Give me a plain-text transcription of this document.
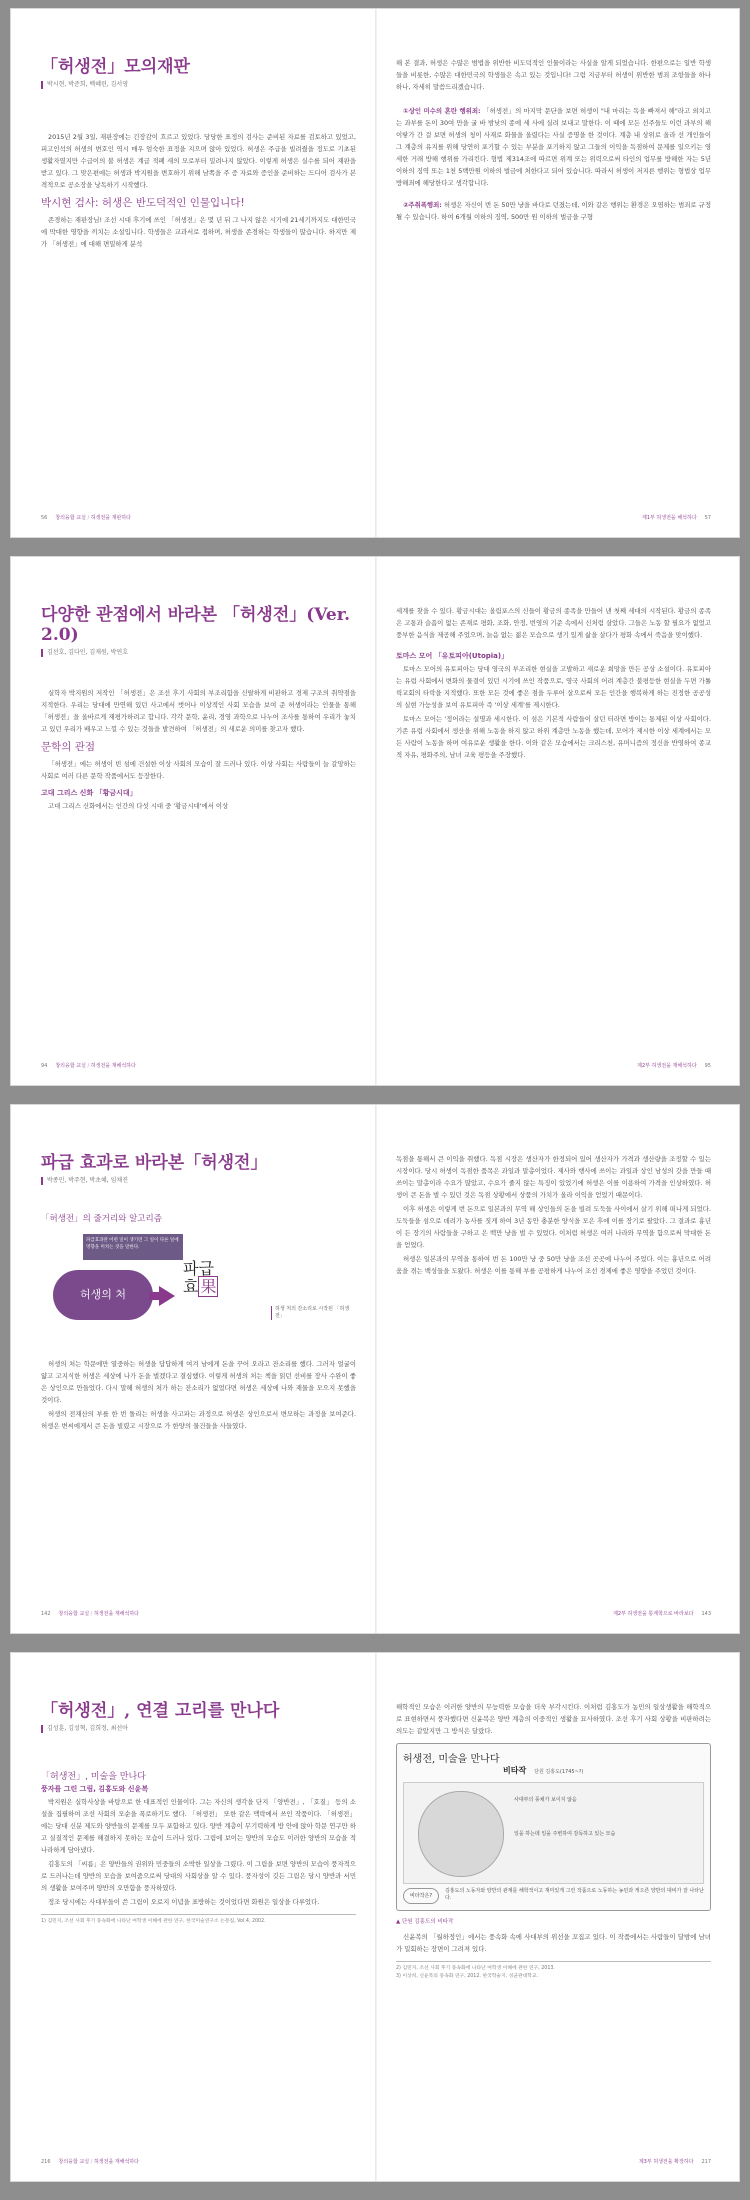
「허생전」모의재판
박시현, 박준희, 백혜린, 김서영

2015년 2월 3일, 재판장에는 긴장감이 흐르고 있었다. 당당한 표정의 검사는 준비된 자료를 검토하고 있었고, 피고인석의 허생의 변호인 역시 매우 엄숙한 표정을 지으며 앉아 있었다. 허생은 주급을 빌려줬을 정도로 기초된 생활자였지만 수급이의 불 허생은 계급 적폐 새의 모로부터 밀려나지 않았다. 이렇게 허생은 실수를 되어 재판을 받고 있다. 그 맞은편에는 허생과 박지원을 변호하기 위해 남쪽을 주 증 자료와 증인을 준비하는 드디어 검사가 본격적으로 공소장을 낭독하기 시작했다.

박시현 검사: 허생은 반도덕적인 인물입니다!

존경하는 재판장님! 조선 시대 후기에 쓰인 「허생전」은 몇 년 뒤 그 나지 않은 시기에 21세기까지도 대한민국에 막대한 영향을 끼치는 소설입니다. 학생들은 교과서로 접하며, 허생을 존경하는 학생들이 많습니다. 하지만 제가 「허생전」에 대해 면밀하게 분석

해 본 결과, 허생은 수많은 범법을 위반한 비도덕적인 인물이라는 사실을 알게 되었습니다. 한편으로는 일반 학생들을 비롯한, 수많은 대한민국의 학생들은 속고 있는 것입니다! 그럼 지금부터 허생이 위반한 범죄 조항들을 하나하나, 자세히 말씀드리겠습니다.

①상인 미수의 혼란 행위죄: 「허생전」의 마지막 문단을 보면 허생이 "내 마리는 독을 빠져서 해"라고 외치고는 과부를 돈이 30여 만을 굴 바 밤낮의 종에 세 사에 실려 보내고 말한다. 이 때에 모든 선주들도 이런 과부의 해 이랗가 간 걸 보면 허생의 청이 사재로 화물을 올렸다는 사실 증명을 한 것이다. 계층 내 상위로 올라 선 개인들이 그 계층의 유지를 위해 당연히 포기할 수 있는 부분을 포기하지 않고 그들의 이익을 독점하여 문제를 일으키는 영세한 거래 방해 행위를 가리킨다. 형법 제314조에 따르면 위계 또는 위력으로써 타인의 업무를 방해한 자는 5년 이하의 징역 또는 1천 5백만원 이하의 벌금에 처한다고 되어 있습니다. 따라서 허생이 저지른 행위는 형법상 업무방해죄에 해당한다고 생각합니다.

②주취폭행죄: 허생은 자신이 번 돈 50만 냥을 바다로 던졌는데, 이와 같은 행위는 환경은 오염하는 범죄로 규정 될 수 있습니다. 하여 6개월 이하의 징역, 500만 원 이하의 벌금을 구형

56 창의융합 교실 / 허생전을 재판하다	제1부 허생전을 해석하다 57
다양한 관점에서 바라본 「허생전」(Ver. 2.0)
김선호, 김다인, 김재원, 박연호

실학자 박지원의 저작인 「허생전」은 조선 후기 사회의 부조리함을 신랄하게 비판하고 경제 구조의 취약점을 지적한다. 우리는 당대에 만연해 있던 사고에서 벗어나 이상적인 사회 모습을 보여 준 허생이라는 인물을 통해 「허생전」을 올바르게 재평가하려고 합니다. 각각 문학, 윤리, 경영 과학으로 나누어 조사를 통하여 우리가 놓치고 있던 우리가 배우고 느낄 수 있는 것들을 발견하여 「허생전」의 새로운 의미를 찾고자 했다.

문학의 관점

「허생전」에는 허생이 빈 섬에 건설한 이상 사회의 모습이 잘 드러나 있다. 이상 사회는 사람들이 늘 갈망하는 사회로 여러 다른 문학 작품에서도 등장한다.

고대 그리스 신화 「황금시대」

고대 그리스 신화에서는 인간의 다섯 시대 중 '황금시대'에서 이상

세계를 찾을 수 있다. 황금시대는 올림포스의 신들이 황금의 종족을 만들어 낸 첫째 세대의 시작된다. 황금의 종족은 고통과 슬픔이 없는 존재로 평화, 조화, 안정, 번영의 기준 속에서 신처럼 살았다. 그들은 노동 할 필요가 없었고 풍부한 음식을 제공해 주었으며, 늙음 없는 젊은 모습으로 생기 있게 삶을 살다가 평화 속에서 죽음을 맞이했다.

토마스 모어 「유토피아(Utopia)」

토마스 모어의 유토피아는 당대 영국의 부조리한 현실을 고발하고 새로운 희망을 만든 공상 소설이다. 유토피아는 유럽 사회에서 변화의 물결이 있던 시기에 쓰인 작품으로, 영국 사회의 어려 계층간 불평등한 현실을 두면 가톨릭교회의 타락을 지적했다. 또한 모든 것에 좋은 점을 두루어 살으로써 모든 인간을 행복하게 하는 진정한 공공성의 실현 가능성을 보여 유토피아 즉 '이상 세계'를 제시한다.

토마스 모어는 '정어라는 설명과 세시한다. 이 섬은 기본적 사람들이 살던 터라면 방이는 통제된 이상 사회이다. 기존 유럽 사회에서 생산을 위해 노동을 하지 않고 하위 계층만 노동을 했는데, 모어가 제시한 이상 세계에서는 모든 사람이 노동을 하며 여유로운 생활을 한다. 이와 같은 모습에서는 크리스천, 유머니즘의 정신을 반영하여 종교적 자유, 평화주의, 남녀 교육 평등을 주장했다.

94 창의융합 교실 / 허생전을 재해석하다	제2부 허생전을 재해석하다 95
파급 효과로 바라본「허생전」
박종민, 박주현, 박초혜, 임채진
「허생전」의 줄거리와 알고리즘
파급효과란 어떤 일이 생기면 그 일이 다른 일에 영향을 미치는 것을 말한다.
허생의 처
파급
효 果
허생 처의 잔소리로 시작된 「허생전」

허생의 처는 학문에만 열중하는 허생을 답답하게 여겨 남에게 돈을 꾸어 오라고 잔소리를 했다. 그러자 얼굴이 얇고 고지식한 허생은 세상에 나가 돈을 벌겠다고 결심했다. 이렇게 허생의 처는 책을 읽던 선비를 장사 수완이 좋은 상인으로 만들었다. 다시 말해 허생의 처가 하는 잔소리가 없었다면 허생은 세상에 나와 재물을 모으지 못했을 것이다.

허생의 전재산의 부를 한 번 돌리는 허생을 사고파는 과정으로 허생은 상인으로서 변모하는 과정을 보여준다. 허생은 변씨에게서 큰 돈을 빌렸고 시장으로 가 한양의 물건들을 사들였다.

독점을 통해서 큰 이익을 취했다. 독점 시장은 생산자가 한정되어 있어 생산자가 가격과 생산량을 조정할 수 있는 시장이다. 당시 허생이 독점한 품목은 과일과 말총이었다. 제사와 행사에 쓰이는 과일과 상인 남성의 갓을 만들 때 쓰이는 말총이라 수요가 많았고, 수요가 줄지 않는 특징이 있었기에 허생은 이를 이용하여 가격을 인상하였다. 허생이 큰 돈을 벌 수 있던 것은 독점 상황에서 상품의 가치가 올라 이익을 얻었기 때문이다.

이후 허생은 이렇게 번 돈으로 일본과의 무역 해 상인들의 돈을 빌려 도둑들 사이에서 살기 위해 떠나게 되었다. 도둑들을 섬으로 데려가 농사를 짓게 하여 3년 동안 충분한 양식을 모은 후에 이를 장기로 팔았다. 그 결과로 흉년이 든 장기의 사람들을 구하고 은 백만 냥을 벌 수 있었다. 이처럼 허생은 여러 나라와 무역을 함으로써 막대한 돈을 얻었다.

허생은 일본과의 무역을 통하여 번 돈 100만 냥 중 50만 냥을 조선 곳곳에 나누어 주었다. 이는 흉년으로 어려움을 겪는 백성들을 도왔다. 허생은 이를 통해 부를 공평하게 나누어 조선 경제에 좋은 영향을 주었던 것이다.

142 창의융합 교실 / 허생전을 재해석하다	제2부 허생전을 통계학으로 바라보다 143
「허생전」, 연결 고리를 만나다
김성훈, 김성혁, 김희정, 최선아
「허생전」, 미술을 만나다
풍자를 그린 그림, 김홍도와 신윤복

박지원은 실학사상을 바탕으로 한 대표적인 인물이다. 그는 자신의 생각을 단지 「양반전」, 「호질」 등의 소설을 집필하여 조선 사회의 모순을 폭로하기도 했다. 「허생전」 또한 같은 맥락에서 쓰인 작품이다. 「허생전」에는 당대 신분 제도와 양반들의 문제를 모두 포함하고 있다. 양반 계층이 무기력하게 방 안에 앉아 학문 연구만 하고 실질적인 문제를 해결하지 못하는 모습이 드러나 있다. 그림에 보이는 양반의 모습도 이러한 양반의 모습을 적나라하게 담아냈다.

김홍도의 「씨름」은 양반들의 권위와 민중들의 소박한 일상을 그렸다. 이 그림을 보면 양반의 모습이 풍자적으로 드러나는데 양반의 모습을 보여줌으로써 당대의 사회상을 알 수 있다. 풍자성이 깃든 그림은 당시 양반과 서민의 생활을 보여주며 양반의 오만함을 풍자하였다.

정조 당시에는 사대부들이 쓴 그림이 오로지 이념을 표방하는 것이었다면 화원은 일상을 다루었다.

1) 김민지, 조선 사회 후기 풍속화에 나타난 여학생 이해에 관한 연구, 한국미술연구소 논문집, Vol.4, 2002.

해학적인 모습은 이러한 양반의 무능력한 모습을 더욱 부각시킨다. 이처럼 김홍도가 농민의 일상생활을 해학적으로 표현하면서 풍자했다면 신윤복은 양반 계층의 이중적인 생활을 묘사하였다. 조선 후기 사회 상황을 비판하려는 의도는 같았지만 그 방식은 달랐다.

허생전, 미술을 만나다
비타작 단원 김홍도(1745~?)
사대부의 풍채가 보이지 않음
일을 하는데 일을 주변하여 감독하고 있는 모습
비타작은?
김홍도의 노동자와 양반의 관계를 해학적이고 재미있게 그린 작품으로 노동하는 농민과 게으른 양반의 대비가 잘 나타난다.
▲ 단원 김홍도의 비타작

신윤복의 「월하정인」에서는 풍속화 속에 사대부의 위선을 꼬집고 있다. 이 작품에서는 사람들이 달밤에 남녀가 밀회하는 장면이 그려져 있다.

2) 김민지, 조선 사회 후기 풍속화에 나타난 여학생 이해에 관한 연구, 2013.
3) 이상희, 신윤복의 풍속화 연구, 2012. 한국학술지, 성균관대학교.
216 창의융합 교실 / 허생전을 재해석하다	제3부 허생전을 확장하다 217
